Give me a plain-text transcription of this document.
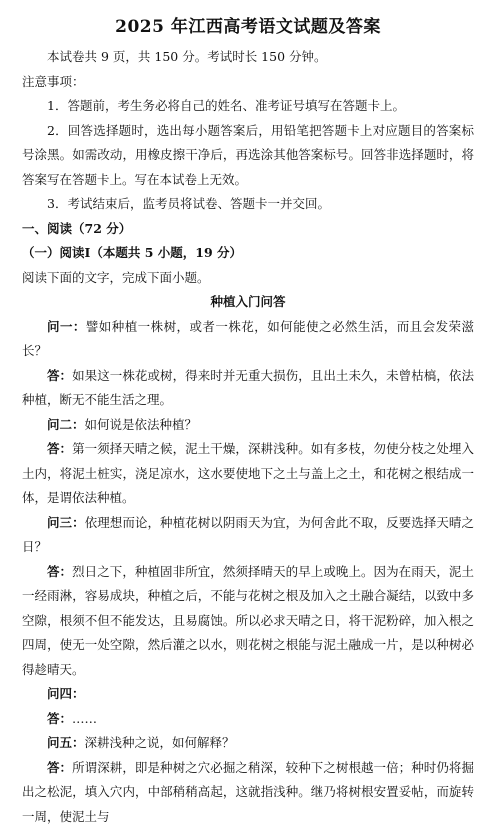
2025 年江西高考语文试题及答案

本试卷共 9 页，共 150 分。考试时长 150 分钟。

注意事项：

1．答题前，考生务必将自己的姓名、准考证号填写在答题卡上。

2．回答选择题时，选出每小题答案后，用铅笔把答题卡上对应题目的答案标号涂黑。如需改动，用橡皮擦干净后，再选涂其他答案标号。回答非选择题时，将答案写在答题卡上。写在本试卷上无效。

3．考试结束后，监考员将试卷、答题卡一并交回。

一、阅读（72 分）

（一）阅读Ⅰ（本题共 5 小题，19 分）

阅读下面的文字，完成下面小题。

种植入门问答

问一：譬如种植一株树，或者一株花，如何能使之必然生活，而且会发荣滋长？

答：如果这一株花或树，得来时并无重大损伤，且出土未久，未曾枯槁，依法种植，断无不能生活之理。

问二：如何说是依法种植？

答：第一须择天晴之候，泥土干燥，深耕浅种。如有多枝，勿使分枝之处埋入土内，将泥土桩实，浇足凉水，这水要使地下之土与盖上之土，和花树之根结成一体，是谓依法种植。

问三：依理想而论，种植花树以阴雨天为宜，为何舍此不取，反要选择天晴之日？

答：烈日之下，种植固非所宜，然须择晴天的早上或晚上。因为在雨天，泥土一经雨淋，容易成块，种植之后，不能与花树之根及加入之土融合凝结，以致中多空隙，根须不但不能发达，且易腐蚀。所以必求天晴之日，将干泥粉碎，加入根之四周，使无一处空隙，然后灌之以水，则花树之根能与泥土融成一片，是以种树必得趁晴天。

问四：

答：……

问五：深耕浅种之说，如何解释？

答：所谓深耕，即是种树之穴必掘之稍深，较种下之树根越一倍；种时仍将掘出之松泥，填入穴内，中部稍稍高起，这就指浅种。继乃将树根安置妥帖，而旋转一周，使泥土与
